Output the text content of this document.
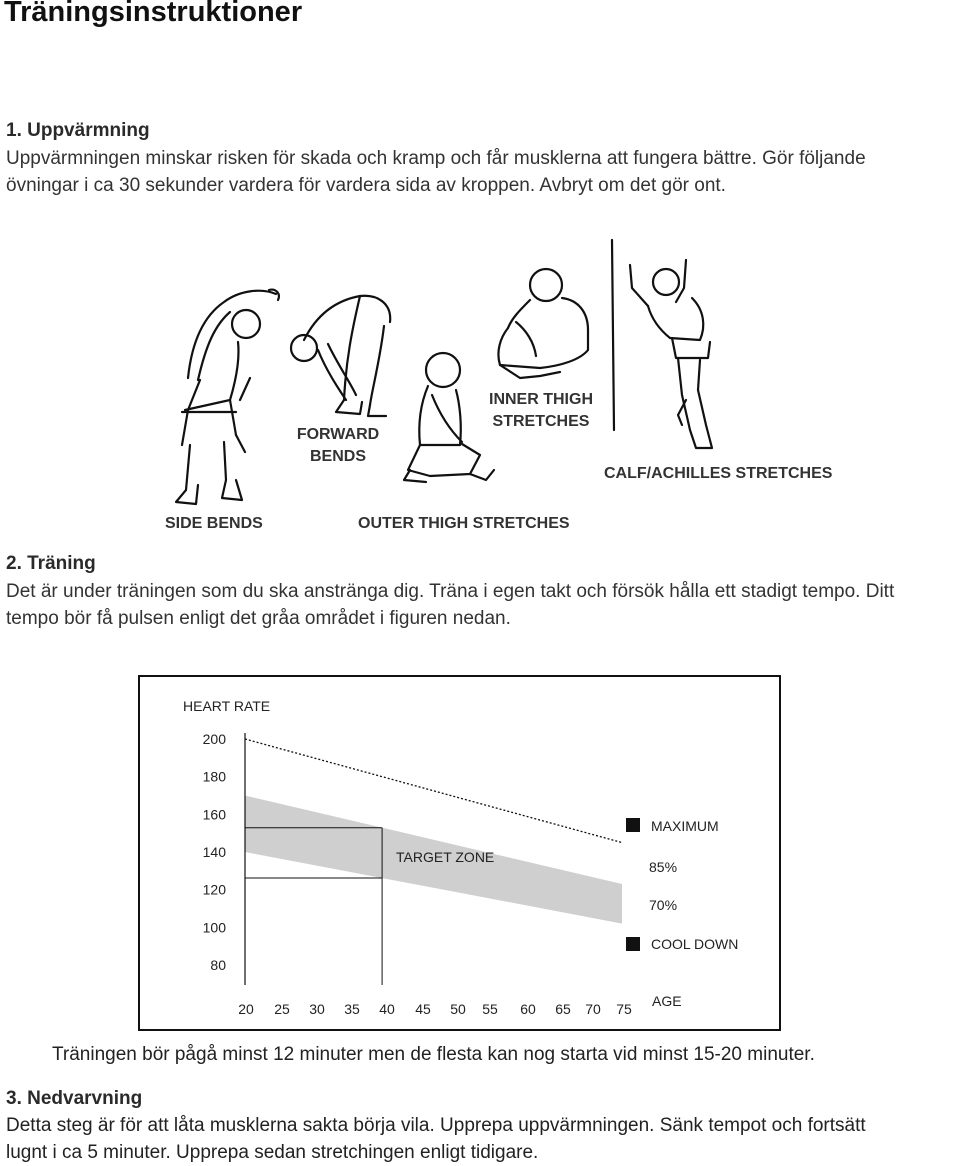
Träningsinstruktioner
1. Uppvärmning
Uppvärmningen minskar risken för skada och kramp och får musklerna att fungera bättre. Gör följande
övningar i ca 30 sekunder vardera för vardera sida av kroppen. Avbryt om det gör ont.
FORWARD
BENDS
INNER THIGH
STRETCHES
CALF/ACHILLES STRETCHES
SIDE BENDS	OUTER THIGH STRETCHES
2. Träning
Det är under träningen som du ska anstränga dig. Träna i egen takt och försök hålla ett stadigt tempo. Ditt
tempo bör få pulsen enligt det gråa området i figuren nedan.
200
180
160
140
120
100
80
20 25 30 35 40 45 50 55 60 65 70 75
HEART RATE
AGE
TARGET ZONE
MAXIMUM
85%
70%
COOL DOWN
Träningen bör pågå minst 12 minuter men de flesta kan nog starta vid minst 15-20 minuter.
3. Nedvarvning
Detta steg är för att låta musklerna sakta börja vila. Upprepa uppvärmningen. Sänk tempot och fortsätt
lugnt i ca 5 minuter. Upprepa sedan stretchingen enligt tidigare.
